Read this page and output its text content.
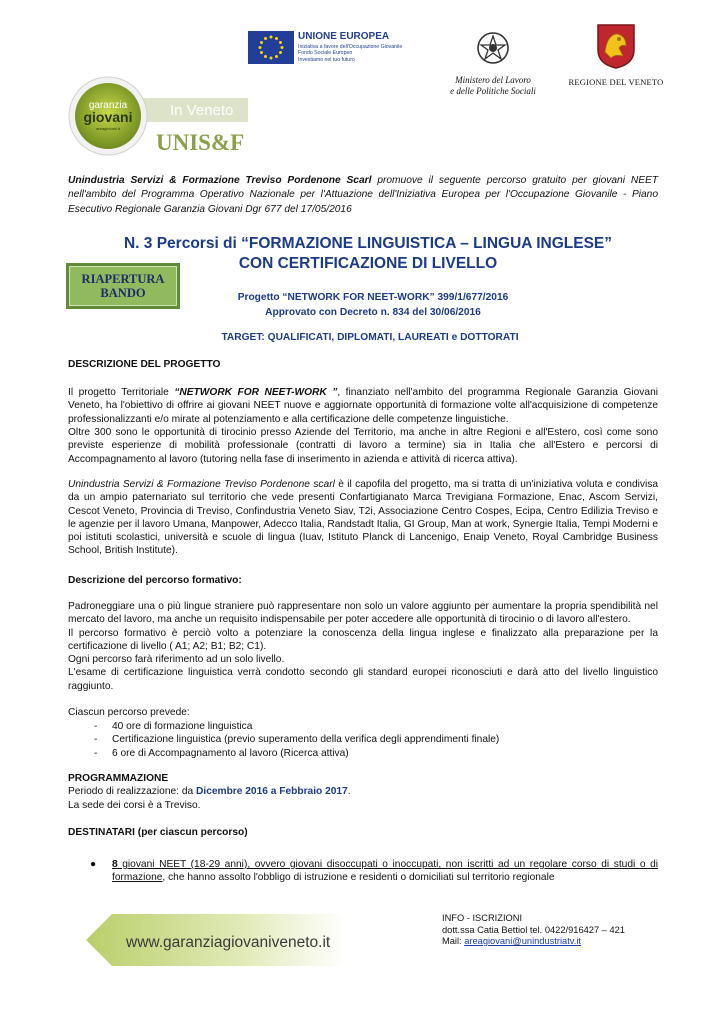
UNIONE EUROPEA
Iniziativa a favore dell'Occupazione Giovanile
Fondo Sociale Europeo
Investiamo nel tuo futuro
Ministero del Lavoro
e delle Politiche Sociali
REGIONE DEL VENETO
garanzia
giovani
areagiovani.it
In Veneto
UNIS&F
Unindustria Servizi & Formazione Treviso Pordenone Scarl promuove il seguente percorso gratuito per giovani NEET nell'ambito del Programma Operativo Nazionale per l'Attuazione dell'Iniziativa Europea per l'Occupazione Giovanile - Piano Esecutivo Regionale Garanzia Giovani Dgr 677 del 17/05/2016
N. 3 Percorsi di “FORMAZIONE LINGUISTICA – LINGUA INGLESE”
CON CERTIFICAZIONE DI LIVELLO
RIAPERTURA
BANDO	Progetto “NETWORK FOR NEET-WORK” 399/1/677/2016
Approvato con Decreto n. 834 del 30/06/2016
TARGET: QUALIFICATI, DIPLOMATI, LAUREATI e DOTTORATI
DESCRIZIONE DEL PROGETTO
Il progetto Territoriale “NETWORK FOR NEET-WORK ”, finanziato nell'ambito del programma Regionale Garanzia Giovani Veneto, ha l'obiettivo di offrire ai giovani NEET nuove e aggiornate opportunità di formazione volte all'acquisizione di competenze professionalizzanti e/o mirate al potenziamento e alla certificazione delle competenze linguistiche.
Oltre 300 sono le opportunità di tirocinio presso Aziende del Territorio, ma anche in altre Regioni e all'Estero, così come sono previste esperienze di mobilità professionale (contratti di lavoro a termine) sia in Italia che all'Estero e percorsi di Accompagnamento al lavoro (tutoring nella fase di inserimento in azienda e attività di ricerca attiva).
Unindustria Servizi & Formazione Treviso Pordenone scarl è il capofila del progetto, ma si tratta di un'iniziativa voluta e condivisa da un ampio paternariato sul territorio che vede presenti Confartigianato Marca Trevigiana Formazione, Enac, Ascom Servizi, Cescot Veneto, Provincia di Treviso, Confindustria Veneto Siav, T2i, Associazione Centro Cospes, Ecipa, Centro Edilizia Treviso e le agenzie per il lavoro Umana, Manpower, Adecco Italia, Randstadt Italia, GI Group, Man at work, Synergie Italia, Tempi Moderni e poi istituti scolastici, università e scuole di lingua (Iuav, Istituto Planck di Lancenigo, Enaip Veneto, Royal Cambridge Business School, British Institute).
Descrizione del percorso formativo:
Padroneggiare una o più lingue straniere può rappresentare non solo un valore aggiunto per aumentare la propria spendibilità nel mercato del lavoro, ma anche un requisito indispensabile per poter accedere alle opportunità di tirocinio o di lavoro all'estero.
Il percorso formativo è perciò volto a potenziare la conoscenza della lingua inglese e finalizzato alla preparazione per la certificazione di livello ( A1; A2; B1; B2; C1).
Ogni percorso farà riferimento ad un solo livello.
L'esame di certificazione linguistica verrà condotto secondo gli standard europei riconosciuti e darà atto del livello linguistico raggiunto.
Ciascun percorso prevede:
- 40 ore di formazione linguistica
- Certificazione linguistica (previo superamento della verifica degli apprendimenti finale)
- 6 ore di Accompagnamento al lavoro (Ricerca attiva)
PROGRAMMAZIONE
Periodo di realizzazione: da Dicembre 2016 a Febbraio 2017.
La sede dei corsi è a Treviso.
DESTINATARI (per ciascun percorso)
●	8 giovani NEET (18-29 anni), ovvero giovani disoccupati o inoccupati, non iscritti ad un regolare corso di studi o di formazione, che hanno assolto l'obbligo di istruzione e residenti o domiciliati sul territorio regionale
www.garanziagiovaniveneto.it
INFO - ISCRIZIONI
dott.ssa Catia Bettiol tel. 0422/916427 – 421
Mail: areagiovani@unindustriatv.it
